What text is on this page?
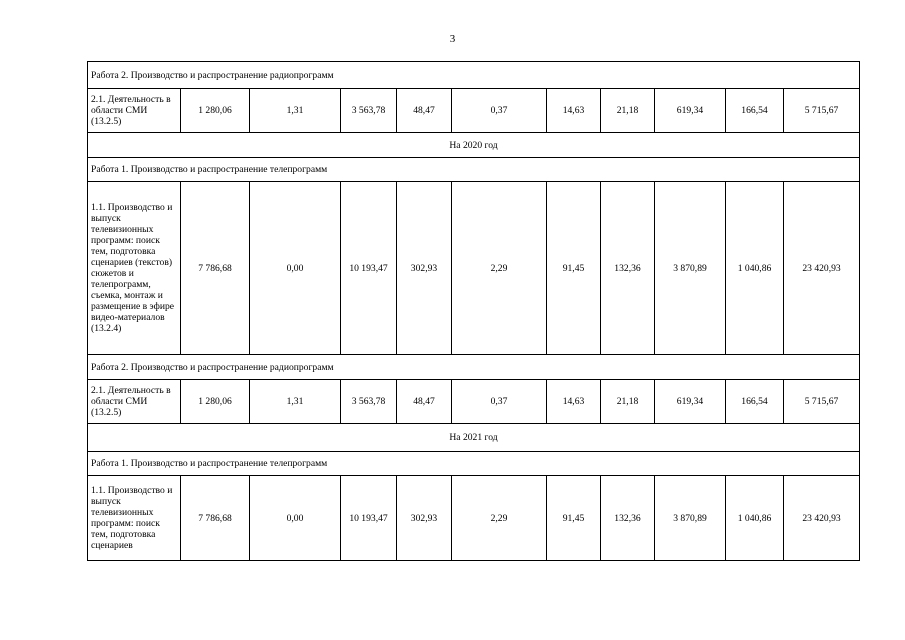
3
Работа 2. Производство и распространение радиопрограмм										
2.1. Деятельность в области СМИ (13.2.5)	1 280,06	1,31	3 563,78	48,47	0,37	14,63	21,18	619,34	166,54	5 715,67
На 2020 год										
Работа 1. Производство и распространение телепрограмм										
1.1. Производство и выпуск телевизионных программ: поиск тем, подготовка сценариев (текстов) сюжетов и телепрограмм, съемка, монтаж и размещение в эфире видео-материалов (13.2.4)	7 786,68	0,00	10 193,47	302,93	2,29	91,45	132,36	3 870,89	1 040,86	23 420,93
Работа 2. Производство и распространение радиопрограмм										
2.1. Деятельность в области СМИ (13.2.5)	1 280,06	1,31	3 563,78	48,47	0,37	14,63	21,18	619,34	166,54	5 715,67
На 2021 год										
Работа 1. Производство и распространение телепрограмм										
1.1. Производство и выпуск телевизионных программ: поиск тем, подготовка сценариев	7 786,68	0,00	10 193,47	302,93	2,29	91,45	132,36	3 870,89	1 040,86	23 420,93
